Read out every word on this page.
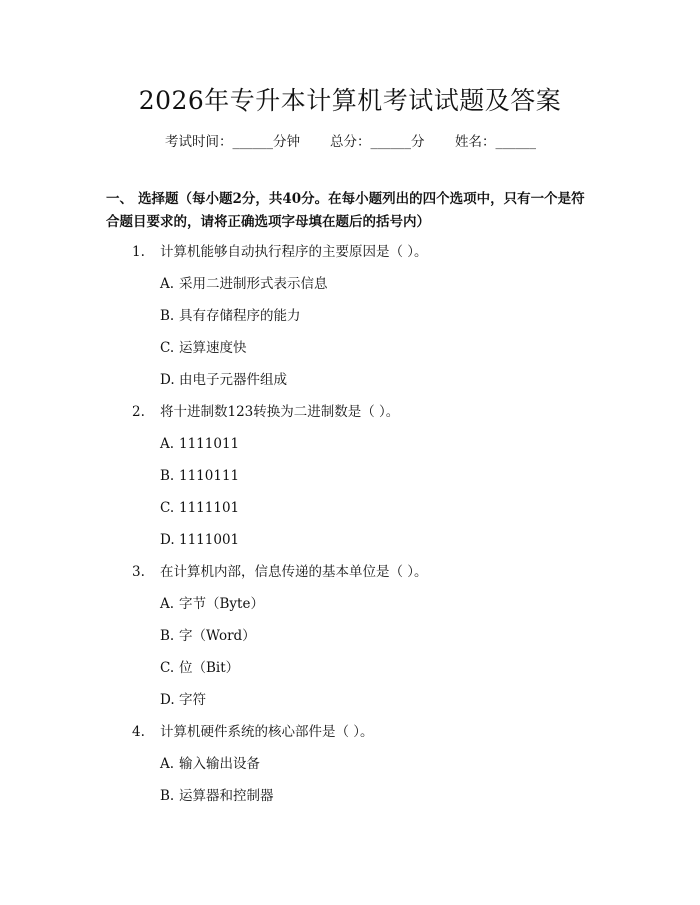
2026年专升本计算机考试试题及答案
考试时间：______分钟 总分：______分 姓名：______
一、 选择题（每小题2分，共40分。在每小题列出的四个选项中，只有一个是符合题目要求的，请将正确选项字母填在题后的括号内）
1. 计算机能够自动执行程序的主要原因是（ ）。
A. 采用二进制形式表示信息
B. 具有存储程序的能力
C. 运算速度快
D. 由电子元器件组成
2. 将十进制数123转换为二进制数是（ ）。
A. 1111011
B. 1110111
C. 1111101
D. 1111001
3. 在计算机内部，信息传递的基本单位是（ ）。
A. 字节（Byte）
B. 字（Word）
C. 位（Bit）
D. 字符
4. 计算机硬件系统的核心部件是（ ）。
A. 输入输出设备
B. 运算器和控制器
